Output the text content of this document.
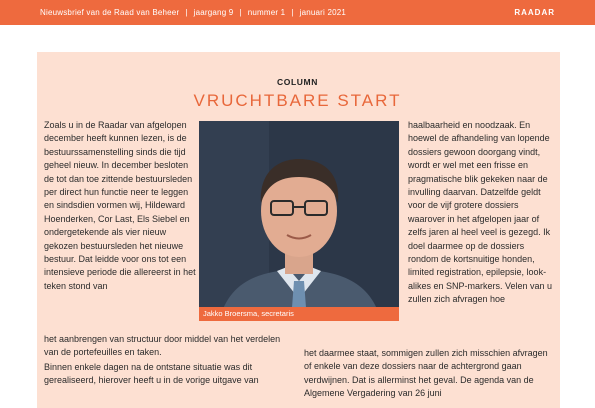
Nieuwsbrief van de Raad van Beheer | jaargang 9 | nummer 1 | januari 2021	RAADAR
COLUMN
VRUCHTBARE START

Zoals u in de Raadar van afgelopen december heeft kunnen lezen, is de bestuurssamenstelling sinds die tijd geheel nieuw. In december besloten de tot dan toe zittende bestuursleden per direct hun functie neer te leggen en sindsdien vormen wij, Hildeward Hoenderken, Cor Last, Els Siebel en ondergetekende als vier nieuw gekozen bestuursleden het nieuwe bestuur. Dat leidde voor ons tot een intensieve periode die allereerst in het teken stond van

Jakko Broersma, secretaris

haalbaarheid en noodzaak. En hoewel de afhandeling van lopende dossiers gewoon doorgang vindt, wordt er wel met een frisse en pragmatische blik gekeken naar de invulling daarvan. Datzelfde geldt voor de vijf grotere dossiers waarover in het afgelopen jaar of zelfs jaren al heel veel is gezegd. Ik doel daarmee op de dossiers rondom de kortsnuitige honden, limited registration, epilepsie, lookalikes en SNP-markers. Velen van u zullen zich afvragen hoe

het aanbrengen van structuur door middel van het verdelen van de portefeuilles en taken.
Binnen enkele dagen na de ontstane situatie was dit gerealiseerd, hierover heeft u in de vorige uitgave van
het daarmee staat, sommigen zullen zich misschien afvragen of enkele van deze dossiers naar de achtergrond gaan verdwijnen. Dat is allerminst het geval. De agenda van de Algemene Vergadering van 26 juni
